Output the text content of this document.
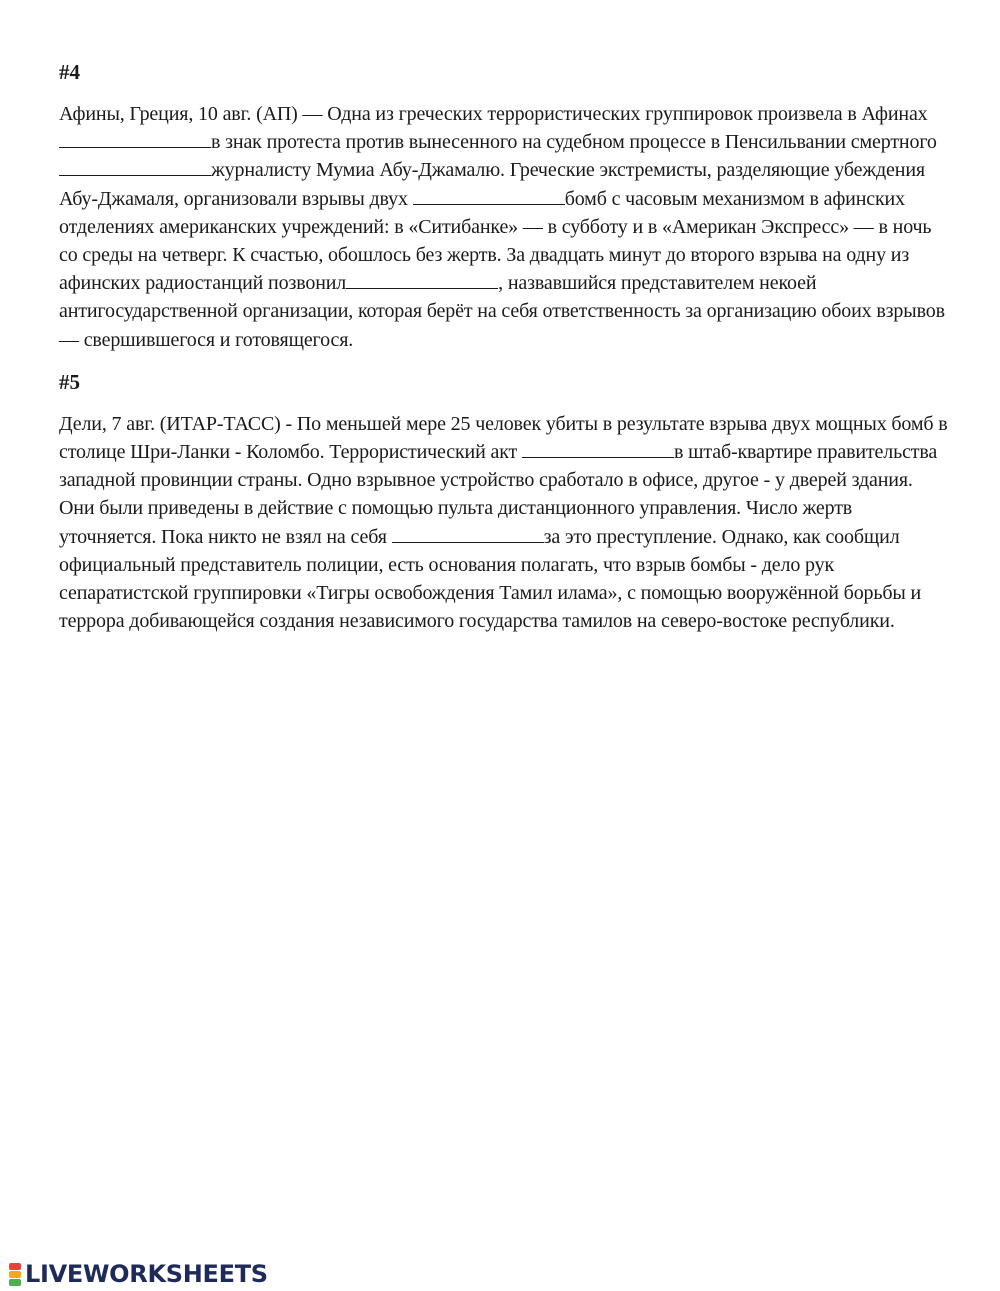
#4

Афины, Греция, 10 авг. (АП) — Одна из греческих террористических группировок произвела в Афинах в знак протеста против вынесенного на судебном процессе в Пенсильвании смертного журналисту Мумиа Абу-Джамалю. Греческие экстремисты, разделяющие убеждения Абу-Джамаля, организовали взрывы двух	бомб с часовым механизмом в афинских отделениях американских учреждений: в «Ситибанке» — в субботу и в «Американ Экспресс» — в ночь со среды на четверг. К счастью, обошлось без жертв. За двадцать минут до второго взрыва на одну из афинских радиостанций позвонил	, назвавшийся представителем некоей антигосударственной организации, которая берёт на себя ответственность за организацию обоих взрывов — свершившегося и готовящегося.

#5

Дели, 7 авг. (ИТАР-ТАСС) - По меньшей мере 25 человек убиты в результате взрыва двух мощных бомб в столице Шри-Ланки - Коломбо. Террористический акт	в штаб-квартире правительства западной провинции страны. Одно взрывное устройство сработало в офисе, другое - у дверей здания. Они были приведены в действие с помощью пульта дистанционного управления. Число жертв уточняется. Пока никто не взял на себя	за это преступление. Однако, как сообщил официальный представитель полиции, есть основания полагать, что взрыв бомбы - дело рук сепаратистской группировки «Тигры освобождения Тамил илама», с помощью вооружённой борьбы и террора добивающейся создания независимого государства тамилов на северо-востоке республики.

LIVEWORKSHEETS
